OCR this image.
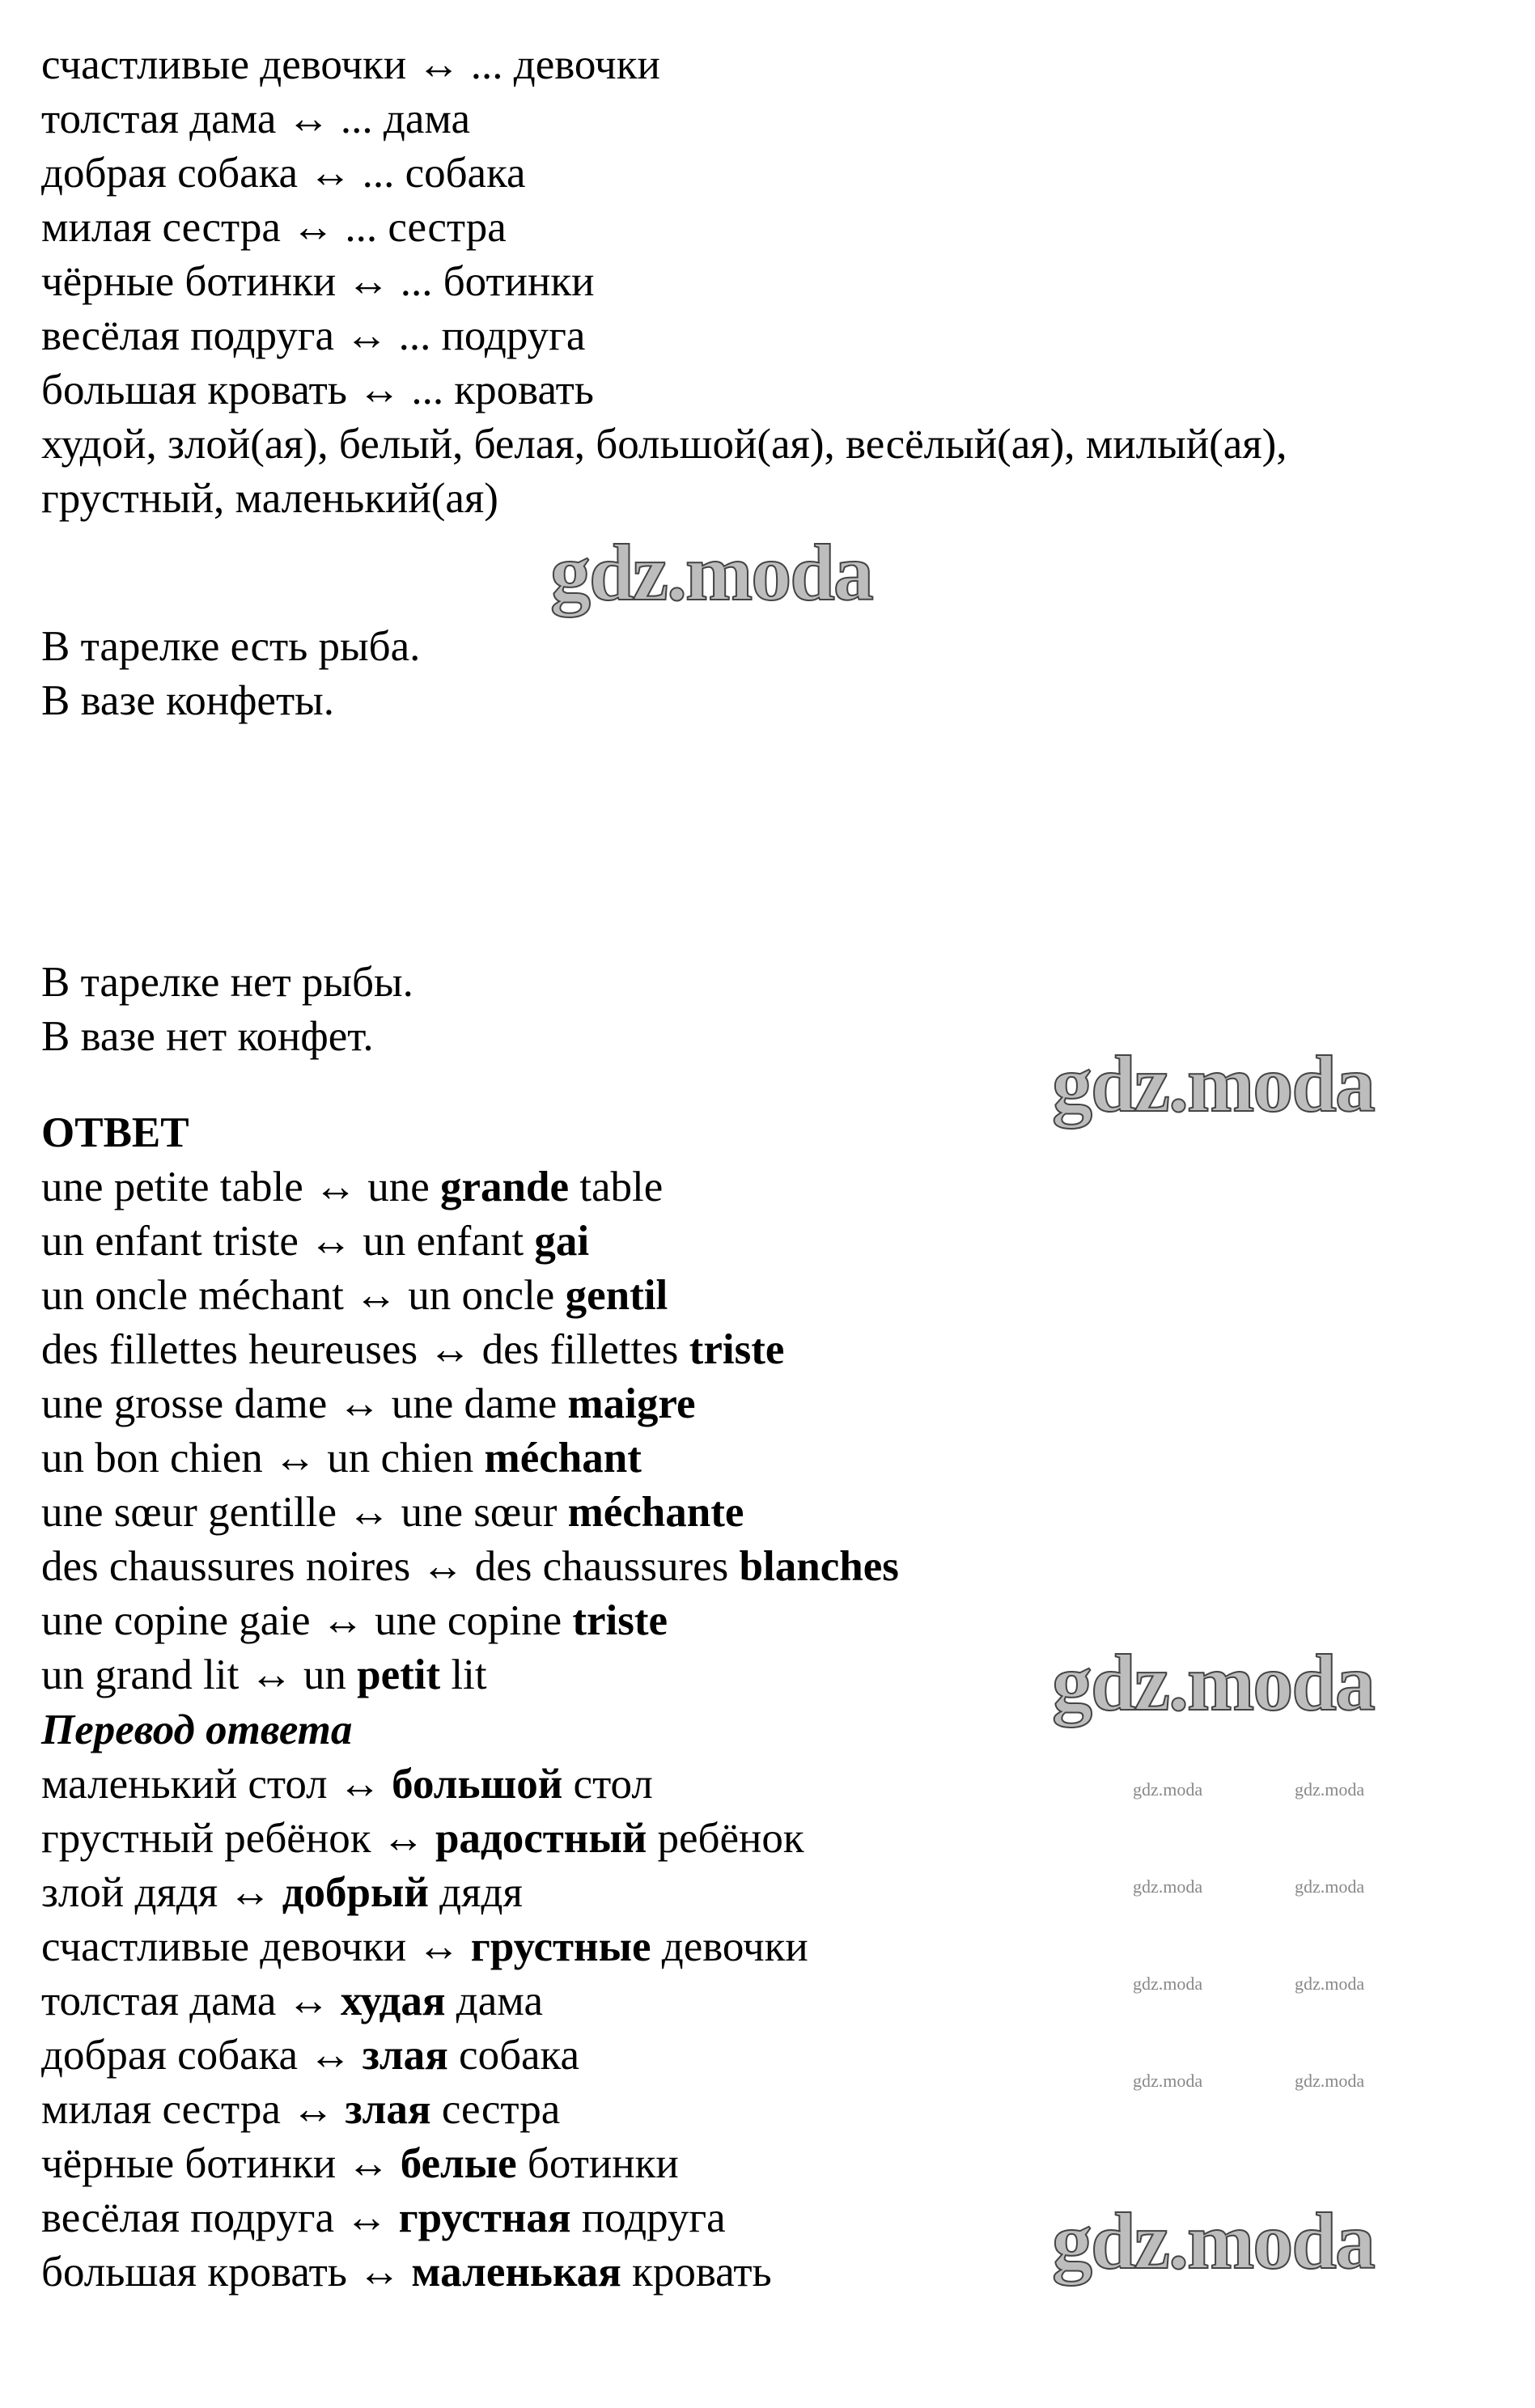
счастливые девочки ↔ ... девочки
толстая дама ↔ ... дама
добрая собака ↔ ... собака
милая сестра ↔ ... сестра
чёрные ботинки ↔ ... ботинки
весёлая подруга ↔ ... подруга
большая кровать ↔ ... кровать
худой, злой(ая), белый, белая, большой(ая), весёлый(ая), милый(ая),
грустный, маленький(ая)
В тарелке есть рыба.
В вазе конфеты.
В тарелке нет рыбы.
В вазе нет конфет.
ОТВЕТ
une petite table ↔ une grande table
un enfant triste ↔ un enfant gai
un oncle méchant ↔ un oncle gentil
des fillettes heureuses ↔ des fillettes triste
une grosse dame ↔ une dame maigre
un bon chien ↔ un chien méchant
une sœur gentille ↔ une sœur méchante
des chaussures noires ↔ des chaussures blanches
une copine gaie ↔ une copine triste
un grand lit ↔ un petit lit
Перевод ответа
маленький стол ↔ большой стол
грустный ребёнок ↔ радостный ребёнок
злой дядя ↔ добрый дядя
счастливые девочки ↔ грустные девочки
толстая дама ↔ худая дама
добрая собака ↔ злая собака
милая сестра ↔ злая сестра
чёрные ботинки ↔ белые ботинки
весёлая подруга ↔ грустная подруга
большая кровать ↔ маленькая кровать
gdz.moda
gdz.moda
gdz.moda
gdz.moda
gdz.moda	gdz.moda
gdz.moda	gdz.moda
gdz.moda	gdz.moda
gdz.moda	gdz.moda
